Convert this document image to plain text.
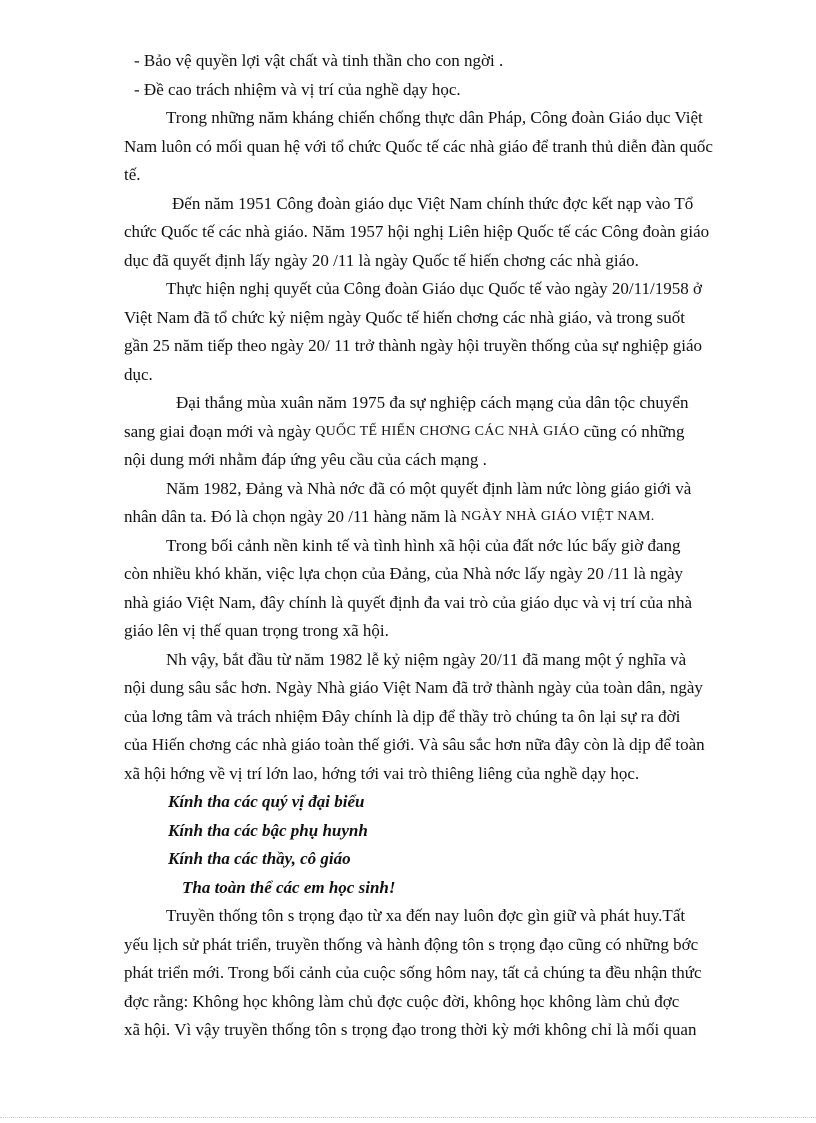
- Bảo vệ quyền lợi vật chất và tinh thần cho con ngời .
- Đề cao trách nhiệm và vị trí của nghề dạy học.
Trong những năm kháng chiến chống thực dân Pháp, Công đoàn Giáo dục Việt
Nam luôn có mối quan hệ với tổ chức Quốc tế các nhà giáo để tranh thủ diễn đàn quốc
tế.
Đến năm 1951 Công đoàn giáo dục Việt Nam chính thức đợc kết nạp vào Tổ
chức Quốc tế các nhà giáo. Năm 1957 hội nghị Liên hiệp Quốc tế các Công đoàn giáo
dục đã quyết định lấy ngày 20 /11 là ngày Quốc tế hiến chơng các nhà giáo.
Thực hiện nghị quyết của Công đoàn Giáo dục Quốc tế vào ngày 20/11/1958 ở
Việt Nam đã tổ chức kỷ niệm ngày Quốc tế hiến chơng các nhà giáo, và trong suốt
gần 25 năm tiếp theo ngày 20/ 11 trở thành ngày hội truyền thống của sự nghiệp giáo
dục.
Đại thắng mùa xuân năm 1975 đa sự nghiệp cách mạng của dân tộc chuyển
sang giai đoạn mới và ngày
QUỐC TẾ HIẾN CHƠNG CÁC NHÀ GIÁO
cũng có những
nội dung mới nhằm đáp ứng yêu cầu của cách mạng .
Năm 1982, Đảng và Nhà nớc đã có một quyết định làm nức lòng giáo giới và
nhân dân ta. Đó là chọn ngày 20 /11 hàng năm là
NGÀY NHÀ GIÁO VIỆT NAM.
Trong bối cảnh nền kinh tế và tình hình xã hội của đất nớc lúc bấy giờ đang
còn nhiều khó khăn, việc lựa chọn của Đảng, của Nhà nớc lấy ngày 20 /11 là ngày
nhà giáo Việt Nam, đây chính là quyết định đa vai trò của giáo dục và vị trí của nhà
giáo lên vị thế quan trọng trong xã hội.
Nh vậy, bắt đầu từ năm 1982 lễ kỷ niệm ngày 20/11 đã mang một ý nghĩa và
nội dung sâu sắc hơn. Ngày Nhà giáo Việt Nam đã trở thành ngày của toàn dân, ngày
của lơng tâm và trách nhiệm Đây chính là dịp để thầy trò chúng ta ôn lại sự ra đời
của Hiến chơng các nhà giáo toàn thế giới. Và sâu sắc hơn nữa đây còn là dịp để toàn
xã hội hớng về vị trí lớn lao, hớng tới vai trò thiêng liêng của nghề dạy học.
Kính tha các quý vị đại biểu
Kính tha các bậc phụ huynh
Kính tha các thầy, cô giáo
Tha toàn thể các em học sinh!
Truyền thống tôn s trọng đạo từ xa đến nay luôn đợc gìn giữ và phát huy.Tất
yếu lịch sử phát triển, truyền thống và hành động tôn s trọng đạo cũng có những bớc
phát triển mới. Trong bối cảnh của cuộc sống hôm nay, tất cả chúng ta đều nhận thức
đợc rằng: Không học không làm chủ đợc cuộc đời, không học không làm chủ đợc
xã hội. Vì vậy truyền thống tôn s trọng đạo trong thời kỳ mới không chỉ là mối quan
